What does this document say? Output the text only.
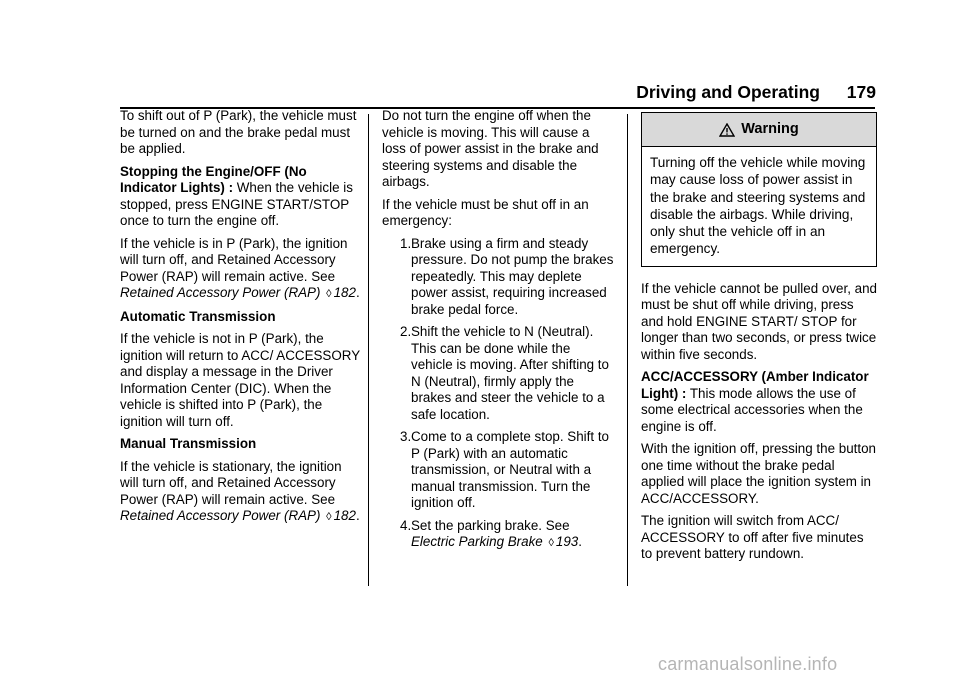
Driving and Operating	179

To shift out of P (Park), the vehicle must be turned on and the brake pedal must be applied.

Stopping the Engine/OFF (No Indicator Lights) : When the vehicle is stopped, press ENGINE START/STOP once to turn the engine off.

If the vehicle is in P (Park), the ignition will turn off, and Retained Accessory Power (RAP) will remain active. See Retained Accessory Power (RAP) ◊ 182.

Automatic Transmission

If the vehicle is not in P (Park), the ignition will return to ACC/ ACCESSORY and display a message in the Driver Information Center (DIC). When the vehicle is shifted into P (Park), the ignition will turn off.

Manual Transmission

If the vehicle is stationary, the ignition will turn off, and Retained Accessory Power (RAP) will remain active. See Retained Accessory Power (RAP) ◊ 182.

Do not turn the engine off when the vehicle is moving. This will cause a loss of power assist in the brake and steering systems and disable the airbags.

If the vehicle must be shut off in an emergency:

1. Brake using a firm and steady pressure. Do not pump the brakes repeatedly. This may deplete power assist, requiring increased brake pedal force.
2. Shift the vehicle to N (Neutral). This can be done while the vehicle is moving. After shifting to N (Neutral), firmly apply the brakes and steer the vehicle to a safe location.
3. Come to a complete stop. Shift to P (Park) with an automatic transmission, or Neutral with a manual transmission. Turn the ignition off.
4. Set the parking brake. See Electric Parking Brake ◊ 193.
Warning
Turning off the vehicle while moving may cause loss of power assist in the brake and steering systems and disable the airbags. While driving, only shut the vehicle off in an emergency.

If the vehicle cannot be pulled over, and must be shut off while driving, press and hold ENGINE START/ STOP for longer than two seconds, or press twice within five seconds.

ACC/ACCESSORY (Amber Indicator Light) : This mode allows the use of some electrical accessories when the engine is off.

With the ignition off, pressing the button one time without the brake pedal applied will place the ignition system in ACC/ACCESSORY.

The ignition will switch from ACC/ ACCESSORY to off after five minutes to prevent battery rundown.

carmanualsonline.info
